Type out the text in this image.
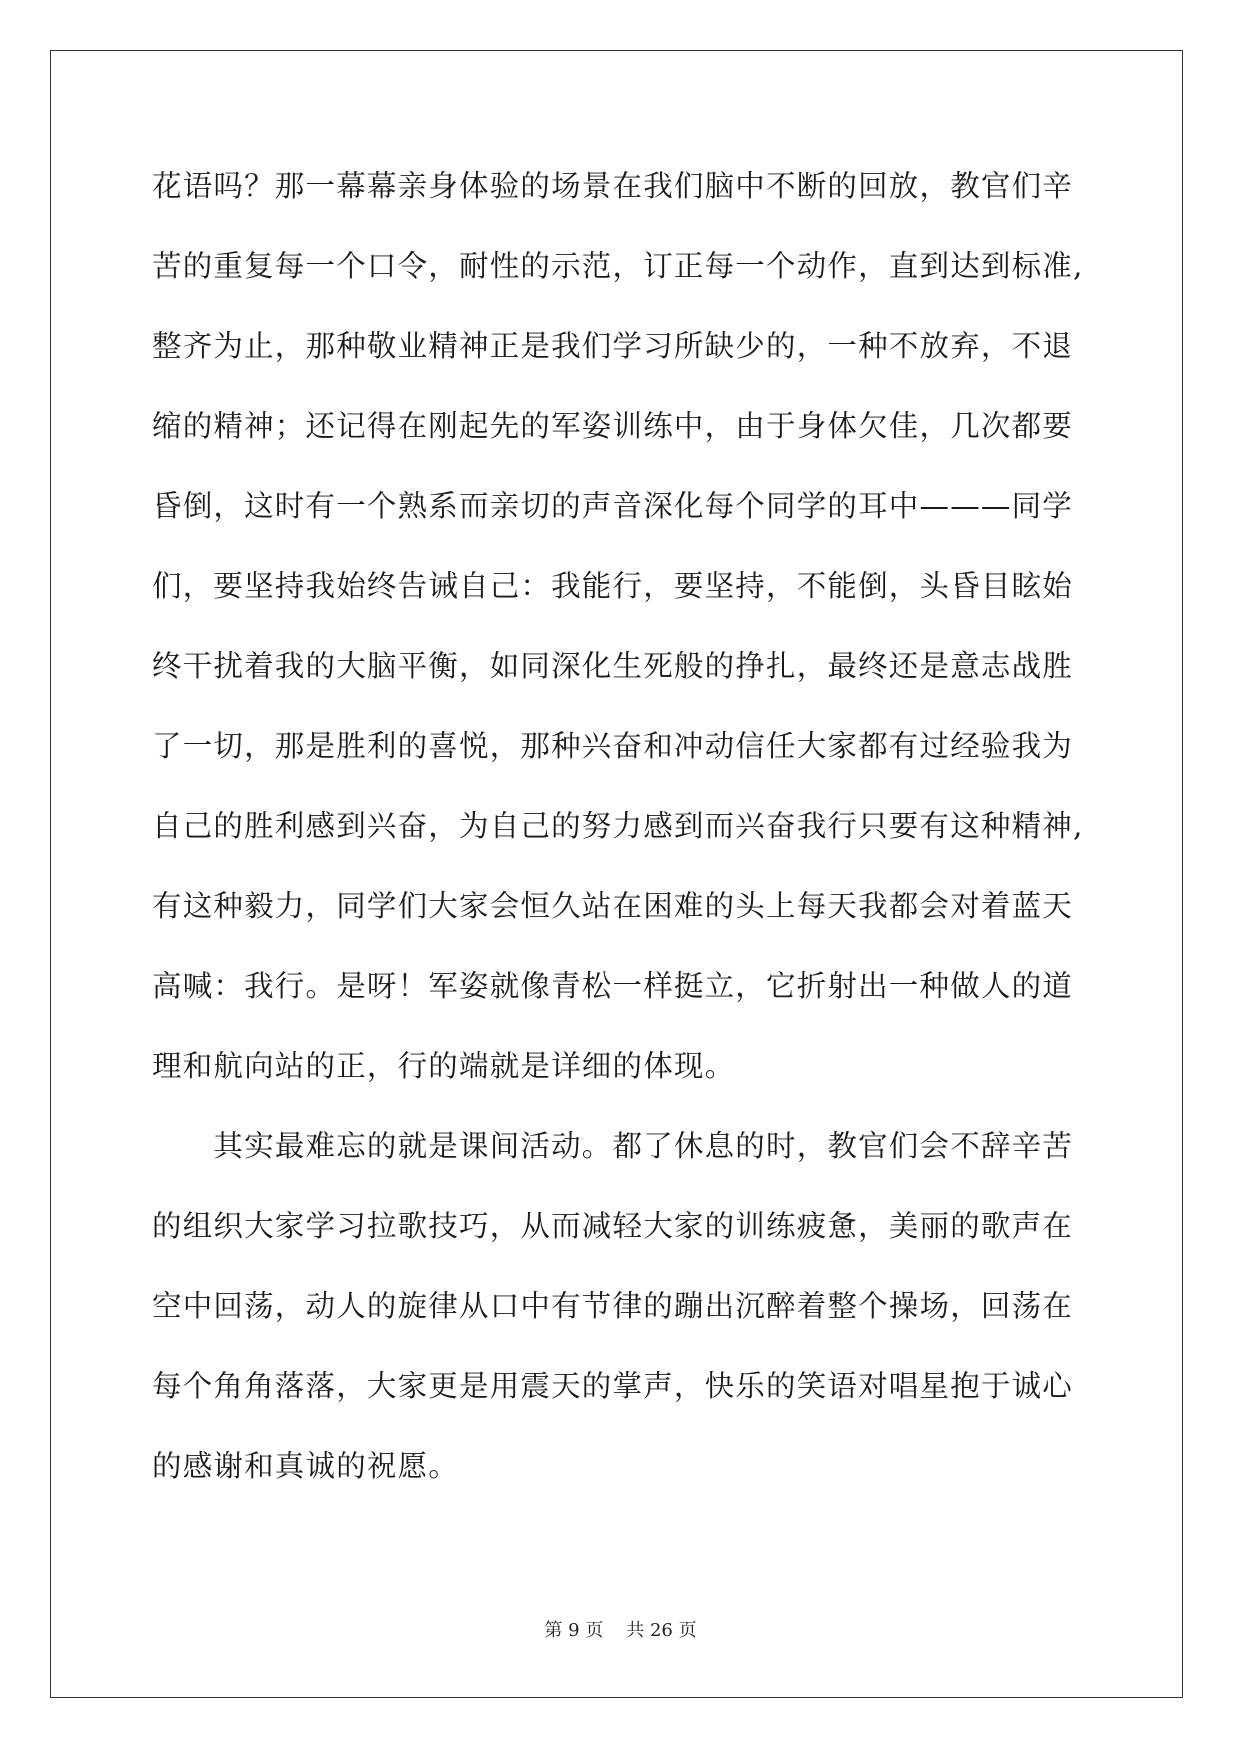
花语吗？那一幕幕亲身体验的场景在我们脑中不断的回放，教官们辛
苦的重复每一个口令，耐性的示范，订正每一个动作，直到达到标准,
整齐为止，那种敬业精神正是我们学习所缺少的，一种不放弃，不退
缩的精神；还记得在刚起先的军姿训练中，由于身体欠佳，几次都要
昏倒，这时有一个熟系而亲切的声音深化每个同学的耳中———同学
们，要坚持我始终告诫自己：我能行，要坚持，不能倒，头昏目眩始
终干扰着我的大脑平衡，如同深化生死般的挣扎，最终还是意志战胜
了一切，那是胜利的喜悦，那种兴奋和冲动信任大家都有过经验我为
自己的胜利感到兴奋，为自己的努力感到而兴奋我行只要有这种精神,
有这种毅力，同学们大家会恒久站在困难的头上每天我都会对着蓝天
高喊：我行。是呀！军姿就像青松一样挺立，它折射出一种做人的道
理和航向站的正，行的端就是详细的体现。
　　其实最难忘的就是课间活动。都了休息的时，教官们会不辞辛苦
的组织大家学习拉歌技巧，从而减轻大家的训练疲惫，美丽的歌声在
空中回荡，动人的旋律从口中有节律的蹦出沉醉着整个操场，回荡在
每个角角落落，大家更是用震天的掌声，快乐的笑语对唱星抱于诚心
的感谢和真诚的祝愿。
第 9 页 共 26 页
